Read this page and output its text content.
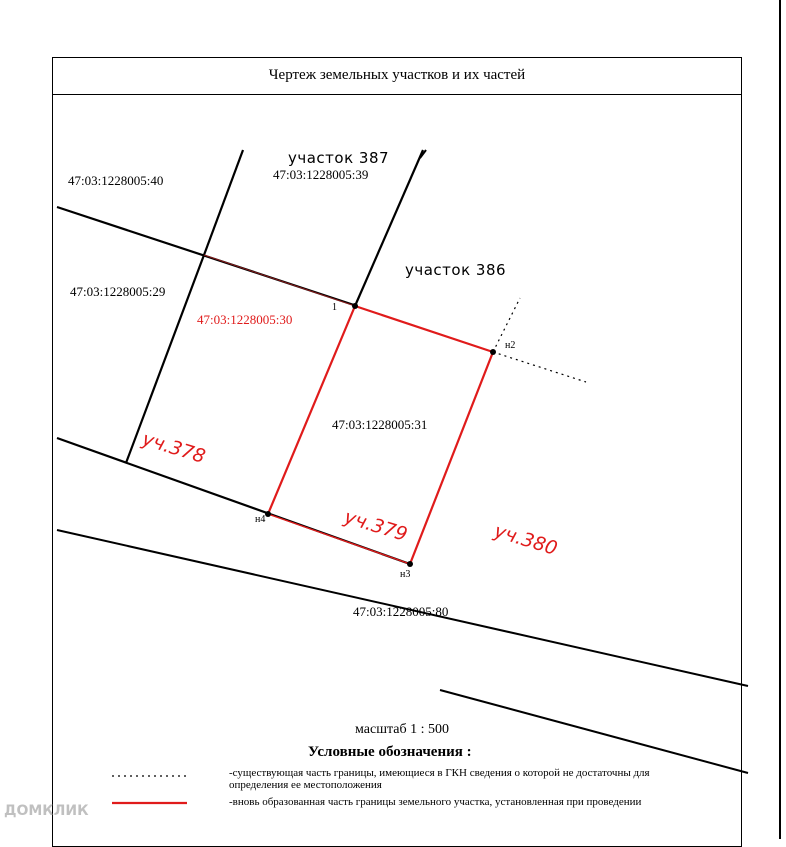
Чертеж земельных участков и их частей
47:03:1228005:40	47:03:1228005:39
47:03:1228005:29
47:03:1228005:30
47:03:1228005:31
47:03:1228005:80
участок 387
участок 386
уч.378
уч.379	уч.380
1
н2
н3
н4
масштаб 1 : 500
Условные обозначения :
-существующая часть границы, имеющиеся в ГКН сведения о которой не достаточны для определения ее местоположения
-вновь образованная часть границы земельного участка, установленная при проведении
ДОМКЛИК
